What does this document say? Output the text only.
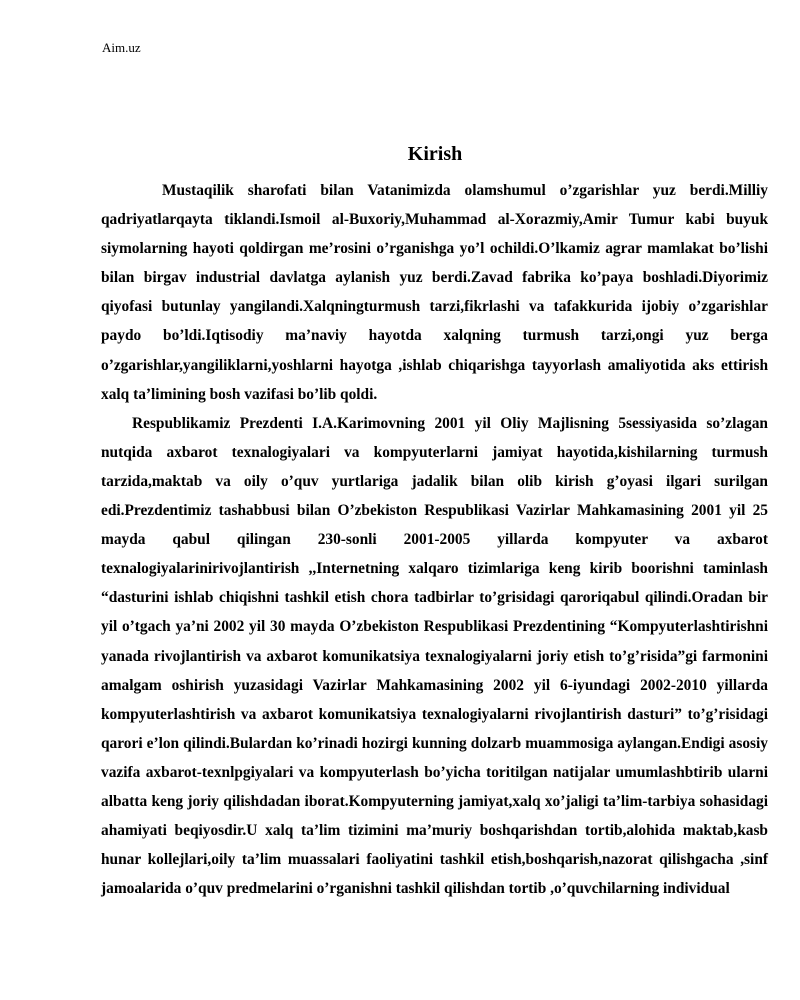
Aim.uz
Kirish

Mustaqilik sharofati bilan Vatanimizda olamshumul o’zgarishlar yuz berdi.Milliy qadriyatlarqayta tiklandi.Ismoil al-Buxoriy,Muhammad al-Xorazmiy,Amir Tumur kabi buyuk siymolarning hayoti qoldirgan me’rosini o’rganishga yo’l ochildi.O’lkamiz agrar mamlakat bo’lishi bilan birgav industrial davlatga aylanish yuz berdi.Zavad fabrika ko’paya boshladi.Diyorimiz qiyofasi butunlay yangilandi.Xalqningturmush tarzi,fikrlashi va tafakkurida ijobiy o’zgarishlar paydo bo’ldi.Iqtisodiy ma’naviy hayotda xalqning turmush tarzi,ongi yuz berga o’zgarishlar,yangiliklarni,yoshlarni hayotga ,ishlab chiqarishga tayyorlash amaliyotida aks ettirish xalq ta’limining bosh vazifasi bo’lib qoldi.

Respublikamiz Prezdenti I.A.Karimovning 2001 yil Oliy Majlisning 5sessiyasida so’zlagan nutqida axbarot texnalogiyalari va kompyuterlarni jamiyat hayotida,kishilarning turmush tarzida,maktab va oily o’quv yurtlariga jadalik bilan olib kirish g’oyasi ilgari surilgan edi.Prezdentimiz tashabbusi bilan O’zbekiston Respublikasi Vazirlar Mahkamasining 2001 yil 25 mayda qabul qilingan 230-sonli 2001-2005 yillarda kompyuter va axbarot texnalogiyalarinirivojlantirish ,,Internetning xalqaro tizimlariga keng kirib boorishni taminlash “dasturini ishlab chiqishni tashkil etish chora tadbirlar to’grisidagi qaroriqabul qilindi.Oradan bir yil o’tgach ya’ni 2002 yil 30 mayda O’zbekiston Respublikasi Prezdentining “Kompyuterlashtirishni yanada rivojlantirish va axbarot komunikatsiya texnalogiyalarni joriy etish to’g’risida”gi farmonini amalgam oshirish yuzasidagi Vazirlar Mahkamasining 2002 yil 6-iyundagi 2002-2010 yillarda kompyuterlashtirish va axbarot komunikatsiya texnalogiyalarni rivojlantirish dasturi” to’g’risidagi qarori e’lon qilindi.Bulardan ko’rinadi hozirgi kunning dolzarb muammosiga aylangan.Endigi asosiy vazifa axbarot-texnlpgiyalari va kompyuterlash bo’yicha toritilgan natijalar umumlashbtirib ularni albatta keng joriy qilishdadan iborat.Kompyuterning jamiyat,xalq xo’jaligi ta’lim-tarbiya sohasidagi ahamiyati beqiyosdir.U xalq ta’lim tizimini ma’muriy boshqarishdan tortib,alohida maktab,kasb hunar kollejlari,oily ta’lim muassalari faoliyatini tashkil etish,boshqarish,nazorat qilishgacha ,sinf jamoalarida o’quv predmelarini o’rganishni tashkil qilishdan tortib ,o’quvchilarning individual
